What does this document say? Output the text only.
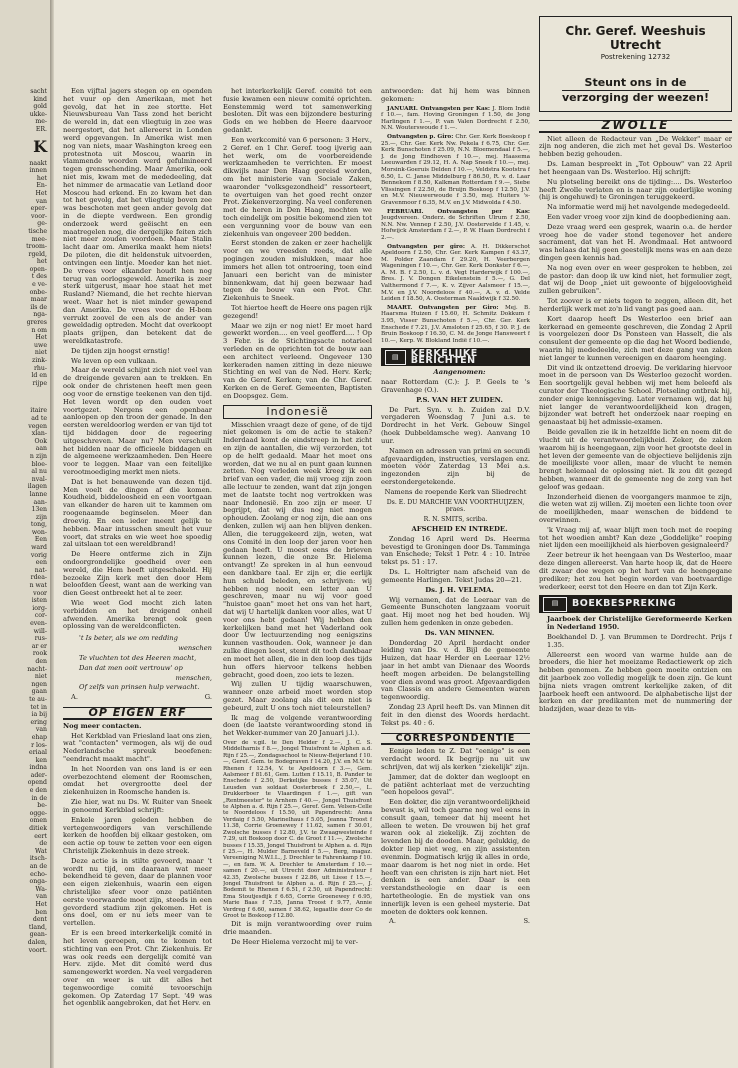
sacht

kind

gold

ukke-

me-

ER.

K

naakt

innen

het

En-

Het

van

eper-

voor-

ge-

tische

mee-

troom-

rgeld,

het

open-

t des

e ve-

onbe-

maar

ils de

nga-

greres

n om

Het

uwe

niet

zink-

rhu-

ld en

rijpe

itaire

ad te

vegen

xlan-

Ook

aan

n zijn

bloe-

al nu

nval-

ilagen

lanne

aan-

13en

zijn

tong,

won-

Een

ward

vorig

een

nat-

rdea-

n wat

voor

isten

iorg-

cor-

even-

will-

rus-

ar er

rook

den

nacht-

niet

ngen

gaan

te au-

tet in

ia bij

ering

van

ehap

r los-

eriaal

ken

indna

ader-

opend

e den

in de

be-

ogge-

omen

ditiek

eert

de

Wat

itsch-

an de

echo-

onga-

Wa-

van

Het

ben

dent

tland,

gean-

dalen,

voort.

Een vijftal jagers stegen op en openden het vuur op den Amerikaan, met het gevolg, dat het in zee stortte. Het Nieuwsbureau Van Tass zond het bericht de wereld in, dat een vliegtuig in zee was neergestort, dat het allereerst in Londen werd opgevangen. In Amerika wist men nog van niets, maar Washington kreeg een protestnota uit Moscou, waarin in vlammende woorden werd gefulmineerd tegen grensschending. Maar Amerika, ook niet mis, kwam met de mededeeling, dat het nimmer de armacatie van Letland door Moscou had erkend. En zo kwam het dan tot het gevolg, dat het vliegtuig boven zee was beschoten met geen ander gevolg dat in de diepte verdween. Een grondig onderzoek werd geëischt en een maatregelen nog, die dergelijke feiten zich niet meer zouden voordoen. Maar Stalin lacht daar om. Amerika maakt hem niets! De piloten, die dit heldenstuk uitvoerden, ontvingen een lintje. Moeder kan het niet. De vrees voor elkander houdt hen nog terug van oorlogsgeweld. Amerika is zeer sterk uitgerust, maar hoe staat het met Rusland? Niemand, die het rechte hiervan weet. Waar het is niet minder gewapend dan Amerika. De vrees voor de H-bom verrukt zoovel de een als de ander van geweldadig optreden. Mocht dat overkoopt plaats grijpen, dan betekent dat de wereldkatastrofe.

De tijden zijn hoogst ernstig!

We leven op een vulkaan.

Maar de wereld schijnt zich niet veel van de dreigende gevaren aan te trekken. En ook onder de christenen heeft men geen oog voor de ernstige teekenen van den tijd. Het leven wordt op den ouden voet voortgezet. Nergens een openbaar aanloopen op den troon der genade. In den eersten wereldoorlog werden er van tijd tot tijd biddagen door de regeering uitgeschreven. Maar nu? Men verschuilt het bidden naar de officieele biddagen en de algemeene werkzaamheden. Den Heere voor te leggen. Maar van een feitelijke verootmoediging merkt men niets.

Dat is het benauwende van dezen tijd. Men voelt de dingen af die komen. Koudheid, biddeloosheid en een voortgaan van elkander de haren uit te kammen om roogenaamde beginselen. Meer dan droevig. En een ieder meent gelijk te hebben. Maar intusschen smeult het vuur voort, dat straks en wie weet hoe spoedig zal uitslaan tot een wereldbrand!

De Heere ontferme zich in Zijn ondoorgrondelijke goedheid over een wereld, die Hem heeft uitgeschakeld. Hij bezoeke Zijn kerk met den door Hem beloofden Geest, want aan de werking van dien Geest ontbreekt het al te zeer.

Wie weet God mocht zich laten verbidden en het dreigend onheil afwenden. Amerika brengt ook geen oplossing van de wereldconflicten.

't Is beter, als we om redding

wenschen

Te vluchten tot des Heeren macht,

Dan dat men ooit vertrouw' op

menschen,

Of zelfs van prinsen hulp verwacht.

A.	G.

OP EIGEN ERF

Nog meer contacten.

Het Kerkblad van Friesland laat ons zien, wat "contacten" vermogen, als wij de oud Nederlandsche spreuk beoefenen: "eendracht maakt macht".

In het Noorden van ons land is er een overbezochtend element der Roomschen, omdat het overgrootte deel der ziekenhuizen in Roomsche handen is.

Zie hier, wat nu Ds. W. Ruiter van Sneek in genoemd Kerkblad schrijft:

Enkele jaren geleden hebben de vertegenwoordigers van verschillende kerken de hoofden bij elkaar gestoken, om een actie op touw te zetten voor een eigen Christelijk Ziekenhuis in deze streek.

Deze actie is in stilte gevoerd, maar 't wordt nu tijd, om daaraan wat meer bekendheid te geven, daar de plannen voor een eigen ziekenhuis, waarin een eigen christelijke sfeer voor onze patiënten eerste voorwaarde moet zijn, steeds in een gevorderd stadium zijn gekomen. Het is ons doel, om er nu iets meer van te vertellen.

Er is een breed interkerkelijk comité in het leven geroepen, om te komen tot stichting van een Prot. Chr. Ziekenhuis. Er was ook reeds een dergelijk comité van Herv. zijde. Met dit comité werd dus samengewerkt worden. Na veel vergaderen over en weer is uit dit alles het tegenwoordige comité tevoorschijn gekomen. Op Zaterdag 17 Sept. '49 was het ogenblik aangebroken, dat het Herv. en

het interkerkelijk Geref. comité tot een fusie kwamen een nieuw comité oprichten. Eenstemmig werd tot samenwerking besloten. Dit was een bijzondere besturing Gods en we hebben de Heere daarvoor gedankt.

Een werkcomité van 6 personen: 3 Herv., 2 Geref. en 1 Chr. Geref. toog ijverig aan het werk, om de voorbereidende werkzaamheden te verrichten. Er moest dikwijls naar Den Haag gereisd worden, om het ministerie van Sociale Zaken, waaronder "volksgezondheid" ressorteert, te overtuigen van het goed recht onzer Prot. Ziekenverzorging. Na veel conferenen met de heren in Den Haag, mochten we toch eindelijk om positie bekomend zien tot een vergunning voor de bouw van een ziekenhuis van ongeveer 200 bedden.

Eerst stonden de zaken er zeer hachelijk voor en we vreesden reeds, dat alle pogingen zouden mislukken, maar hoe immers het allen tot ontroering, toen eind Januari een bericht van de minister binnenkwam, dat hij geen bezwaar had tegen de bouw van een Prot. Chr. Ziekenhuis te Sneek.

Tot hiertoe heeft de Heere ons pagen rijk gezegend!

Maar we zijn er nog niet! Er moet hard gewerkt worden.... en veel geofferd.... ! Op 3 Febr. is de Stichtingsacte notarieel verleden en de oprichten tot de bouw aan een architect verleend. Ongeveer 130 kerkeraden namen zitting in deze nieuwe Stichting en wel van de Ned. Herv. Kerk; van de Geref. Kerken; van de Chr. Geref. Kerken en de Geref. Gemeenten, Baptisten en Doopsgez. Gem.

Indonesië

Misschien vraagt deze of gene, of de tijd niet gekomen is om de actie te staken? Inderdaad komt de eindstreep in het zicht en zijn de aantallen, die wij verzorden, tot op de helft gedaald. Maar het moet ons worden, dat we nu al en punt gaan kunnen zetten. Nog verleden week kreeg ik een brief van een vader, die mij vroeg zijn zoon alle lectuur te zenden, want dat zijn jongen met de laatste tocht nog vertrokken was naar Indonesië. En zoo zijn er meer. U begrijpt, dat wij dus nog niet mogen ophouden. Zoolang er nog zijn, die aan ons denken, zullen wij aan hen blijven denken. Allen, die teruggekeerd zijn, weten, wat ons Comité in den loop der jaren voor hen gedaan heeft. U moest eens de brieven kunnen lezen, die onze Br. Hielema ontvangt! Ze spreken in al hun eenvoud een dankbare taal. Er zijn er, die eerlijk hun schuld beleden, en schrijven: wij hebben nog nooit een letter aan U geschreven, maar nu wij voor goed "huistoe gaan" moet het ons van het hart, dat wij U hartelijk danken voor alles, wat U voor ons hebt gedaan! Wij hebben den kerkelijken band met het Vaderland ook door Uw lectuurzending nog eenigszins kunnen vasthouden. Ook, wanneer je dan zulke dingen leest, stemt dit toch dankbaar en moet het allen, die in den loop des tijds hun offers hiervoor telkens hebben gebracht, goed doen, zoo iets te lezen.

Wij zullen U tijdig waarschuwen, wanneer onze arbeid moet worden stop gezet. Maar zoolang als dit een niet is gebeurd, zult U ons toch niet teleurstellen?

Ik mag de volgende verantwoording doen (de laatste verantwoording stond in het Wekker-nummer van 20 Januari j.l.).

Over de v.gil. te Den Helder f 2.—, J. C. S. Middelharnis f 8.—, Jongel Thuisfront te Alphen a.d. Rijn f 25.—, Zondagsschool te Nieuw-Beijerland f 10.—, Geref. Gem. te Bodegraven f 14.20, J.V. en M.V. te Rhenen f 12.54, V. te Apeldoorn f 3.—, Gem. Aalsmeer f 81.61, Gem. Lutten f 15.11, B. Pander te Enschede f 2.50, Derkelijke busses f 35.07, Uit Leusden van soldaat Oosterbroek f 2.50,—, L. Drukkerboer te Vlaardingen f 1.—, gift van „Rentmeester" te Arnhem f 40.—, Jongel Thuisfront te Alphen a. d. Rijn f 25.—, Geref. Gem. Velsen-Celle te Noordeloos f 15.50, uit Papendrecht: Anna Verdaig f 5.50, Marinelhaus f 5.05, Jeanna Troost f 11.38, Corrie Groenewey f 11.62, samen f 30.01, Zwolsche busses f 12.80, J.V. te Zwaagwesteinde f 7.29, uit Boskoop door C. de Groot f 11.—, Zwolsche busses f 15.35, Jongel Thuisfront te Alphen a. d. Rijn f 25.—, H. Mulder Barneveld f 5.—, Berg, magaz. Vereeniging N.W.I.L., J. Drechler te Fahrenkamp f 10.—, en fam. W. A. Drechler te Amsterdam f 10.— samen f 20.—, uit Utrecht door Administrateur f 42.35, Zwolsche busses f 22.86, uit Lisse f 15.—, Jongel Thuisfront te Alphen a. d. Rijn f 25.—, J. Bodemit te Rhenen f 6.51, f 2.50, uit Papendrecht: Ema Stoutjesdijk f 6.65, Corrie Groenewey f 6.95, Marie Baas f 7.35, Janna Troost f 9.77, Annie Verdreg f 6.60, samen f 38.62, legaatlie door Co de Groot te Boskoop f 12.80.

Dit is mijn verantwoording over ruim drie maanden.

De Heer Hielema verzocht mij te ver-

antwoorden: dat hij hem was binnen gekomen:

JANUARI. Ontvangsten per Kas: J. Blom Indië f 10.—, fam. Hoving Groningen f 1.50, de Jong Harlingen f 1.—, P. van Valen Dordrecht f 2.50, N.N. Wouterswoude f 1.—.

Ontvangsten p. Giro: Chr. Ger. Kerk Boeskoop f 25.—, Chr. Ger. Kerk Nw. Pekela f 6.75, Chr. Ger. Kerk Bunschoten f 25.09, N.N. Bloemendaal f 5.—, J. de Jong Eindhoven f 10.—, mej. Haasema Leeuwarden f 29.12, H. A. Nap Sneek f 10.—, mej. Morsink-Goeruis Delden f 10.—, Veldstra Kootstra f 6.50, L. C. Janse Middelburg f 86.50, R. v. d. Laar Bennekom f 8.50, Kalkman Rotterdam f 9.—, Siebe Vlissingen f 22.50, de Bruijn Boskoop f 12.50, J.V. en M.V. Nieuwerwoude f 3.50, mej. Huiters 's-Gravenmoor f 6.35, M.V. en J.V. Midwolda f 4.50.

FEBRUARI. Ontvangsten per Kas: Jeugdvereen. Onderz. de Schriften Ulrum f 2.50, N.N. Nw. Vennep f 2.50, J.V. Oostervelde f 1.45, v. Hofwijck Amsterdam f 2.—, P. W. Haan Dordrecht f 2.—.

Ontvangsten per giro: A. H. Dikkerschot Apeldoorn f 2.50, Chr. Ger. Kerk Kampen f 43.37, M. Polder Zaandam f 29.20, H. Veerbergen Wageningen f 10.—, Chr. Ger. Kerk Donkster f 6.—, A. M. B. f 2.50, L. v. d. Vegt Harderwijk f 100.—, Bres. J. V. Dongen Eikelenstein f 5.—, G. Del Valthermond f 7.—, K. v. Zijver Aalsmeer f 15.—, M.V. en J.V. Noordeloos f 40.—, A. v. d. Velde Leiden f 18.50, A. Oosterman Naaldwijk f 32.50.

MAART. Ontvangsten per Giro: Mej. B. Haarsma Huizen f 15.60, H. Schmitz Dokkum f 3.95, Visser Bunschoten f 5.—, Chr. Ger. Kerk Enschede f 7.21, J.V. Amsloten f 25.65, f 30. P. J. de Bruin Boskoop f 16.30, C. M. de Jonge Hansweert f 10.—, Kerp. W. Blokland Indië f 10.—.

▤	KERKELIJKE BERICHTEN

Aangenomen:

naar Rotterdam (C.): J. P. Geels te 's Gravenhage (O.).

P.S. VAN HET ZUIDEN.

De Part. Syn. v. h. Zuiden zal D.V. vergaderen Woensdag 7 Juni a.s. te Dordrecht in het Verk. Gebouw Singel (hoek Dubbeldamsche weg). Aanvang 10 uur.

Namen en adressen van primi en secundi afgevaardigden, instructies, verslagen enz. moeten vóór Zaterdag 13 Mei a.s. ingezonden zijn bij de eerstondergetekende.

Namens de roepende Kerk van Sliedrecht

Ds. E. DU MARCHIE VAN VOORTHUIJZEN, praes.

R. N. SMITS, scriba.

AFSCHEID EN INTREDE.

Zondag 16 April werd Ds. Heerma bevestigd te Groningen door Ds. Tamminga van Enschede; Tekst 1 Petr. 4 : 10. Intree tekst ps. 51 : 17.

Ds. L. Holtrigter nam afscheid van de gemeente Harlingen. Tekst Judas 20—21.

Ds. J. H. VELEMA.

Wij vernamen, dat de Leeraar van de Gemeente Bunschoten langzaam vooruit gaat. Hij moet nog het bed houden. Wij zullen hem gedenken in onze gebeden.

Ds. VAN MINNEN.

Donderdag 20 April herdacht onder leiding van Ds. v. d. Bijl de gemeente Huizen, dat haar Herder en Leeraar 12½ jaar in het ambt van Dienaar des Woords heeft mogen arbeiden. De belangstelling voor dien avond was groot. Afgevaardigden van Classis en andere Gemeenten waren tegenwoordig.

Zondag 23 April heeft Ds. van Minnen dit feit in den dienst des Woords herdacht. Tekst ps. 40 : 6.

CORRESPONDENTIE

Eenige leden te Z. Dat "eenige" is een verdacht woord. Ik begrijp nu uit uw schrijven, dat wij als kerken "ziekelijk" zijn.

Jammer, dat de dokter dan wegloopt en de patiënt achterlaat met de verzuchting "een hopeloos geval".

Een dokter, die zijn verantwoordelijkheid bewust is, wil toch gaarne nog wel eens in consult gaan, temeer dat hij meent het alleen te weten. De vrouwen bij het graf waren ook al ziekelijk. Zij zochten de levenden bij de dooden. Maar, gelukkig, de dokter liep niet weg, en zijn assistenten evenmin. Dogmatisch krijg ik alles in orde, maar daarom is het nog niet in orde. Het heeft van een christen is zijn hart niet. Het denken is een ander. Daar is een verstandstheologie en daar is een hartetheologie. En de mystiek van ons innerlijk leven is een geheel mysterie. Dat moeten de dokters ook kennen.

A.	S.

Chr. Geref. Weeshuis
Utrecht
Postrekening 12732
Steunt ons in de
verzorging der weezen!
ZWOLLE

Niet alleen de Redacteur van „De Wekker" maar er zijn nog anderen, die zich met het geval Ds. Westerloo hebben bezig gehouden.

Ds. Laman bespreekt in „Tot Opbouw" van 22 April het heengaan van Ds. Westerloo. Hij schrijft:

Nu plotseling bereikt ons de tijding:.... Ds. Westerloo heeft Zwolle verlaten en is naar zijn ouderlijke woning (hij is ongehuwd) te Groningen teruggekeerd.

Na informatie werd mij het navolgende medegedeeld.

Een vader vroeg voor zijn kind de doopbediening aan.

Deze vraag werd een gesprek, waarin o.a. de herder vroeg hoe de vader stond tegenover het andere sacrament, dat van het H. Avondmaal. Het antwoord was helaas dat hij geen geestelijk mens was en aan deze dingen geen kennis had.

Na nog even over en weer gesproken te hebben, zei de pastor: dan doop ik uw kind niet, het formulier zegt, dat wij de Doop „niet uit gewoonte of bijgeloovigheid zullen gebruiken".

Tot zoover is er niets tegen te zeggen, alleen dit, het herderlijk werk met zo'n lid vangt pas goed aan.

Kort daarop heeft Ds Westerloo een brief aan kerkeraad en gemeente geschreven, die Zondag 2 April is voorgelezen door Ds Ponsteen van Hasselt, die als consulent der gemeente op die dag het Woord bediende, waarin hij mededeelde, zich met deze gang van zaken niet langer te kunnen vereenigen en daarom heenging.

Dit vind ik ontzettend droevig. De verklaring hiervoor moet in de persoon van Ds Westerloo gezocht worden. Een soortgelijk geval hebben wij met hem beleefd als curator der Theologische School. Plotseling ontbrak hij, zonder enige kennisgeving. Later vernamen wij, dat hij niet langer de verantwoordelijkheid kon dragen, bijzonder wat betreft het onderzoek naar roeping en genaastaat bij het admissie-examen.

Beide gevallen zie ik in hetzelfde licht en noem dit de vlucht uit de verantwoordelijkheid. Zeker, de zaken waarom hij is heengegaan, zijn voor het grootste deel in het leven der gemeente van de objectieve belijdenis zijn de moeilijkste voor allen, maar de vlucht te nemen brengt helemaal de oplossing niet. Ik zou dit gezegd hebben, wanneer dit de gemeente nog de zorg van het geloof was gedaan.

Inzonderheid dienen de voorgangers manmoe te zijn, die weten wat zij willen. Zij moeten een lichte toon over de moeilijkheden, maar wenschen de biddend te overwinnen.

'k Vraag mij af, waar blijft men toch met de roeping tot het woedien ambt? Kan deze „Goddelijke" roeping niet lijden een moeilijkheid als hierboven gesignaleerd?

Zeer betreur ik het heengaan van Ds Westerloo, maar deze dingen allereerst. Van harte hoop ik, dat de Heere dit zwaar doe wegen op het hart van de heengegane prediker; het zou het begin worden van boetvaardige wederkeer, eerst tot den Heere en dan tot Zijn Kerk.

▤	BOEKBESPREKING

Jaarboek der Christelijke Gereformeerde Kerken in Nederland 1950.

Boekhandel D. J. van Brummen te Dordrecht. Prijs f 1.35.

Allereerst een woord van warme hulde aan de broeders, die hier het moeizame Redactiewerk op zich hebben genomen. Ze hebben geen moeite ontzien om dit jaarboek zoo volledig mogelijk te doen zijn. Ge kunt bijna niets vragen omtrent kerkelijke zaken, of dit Jaarboek heeft een antwoord. De alphabetische lijst der kerken en der predikanten met de nummering der bladzijden, waar deze te vin-
